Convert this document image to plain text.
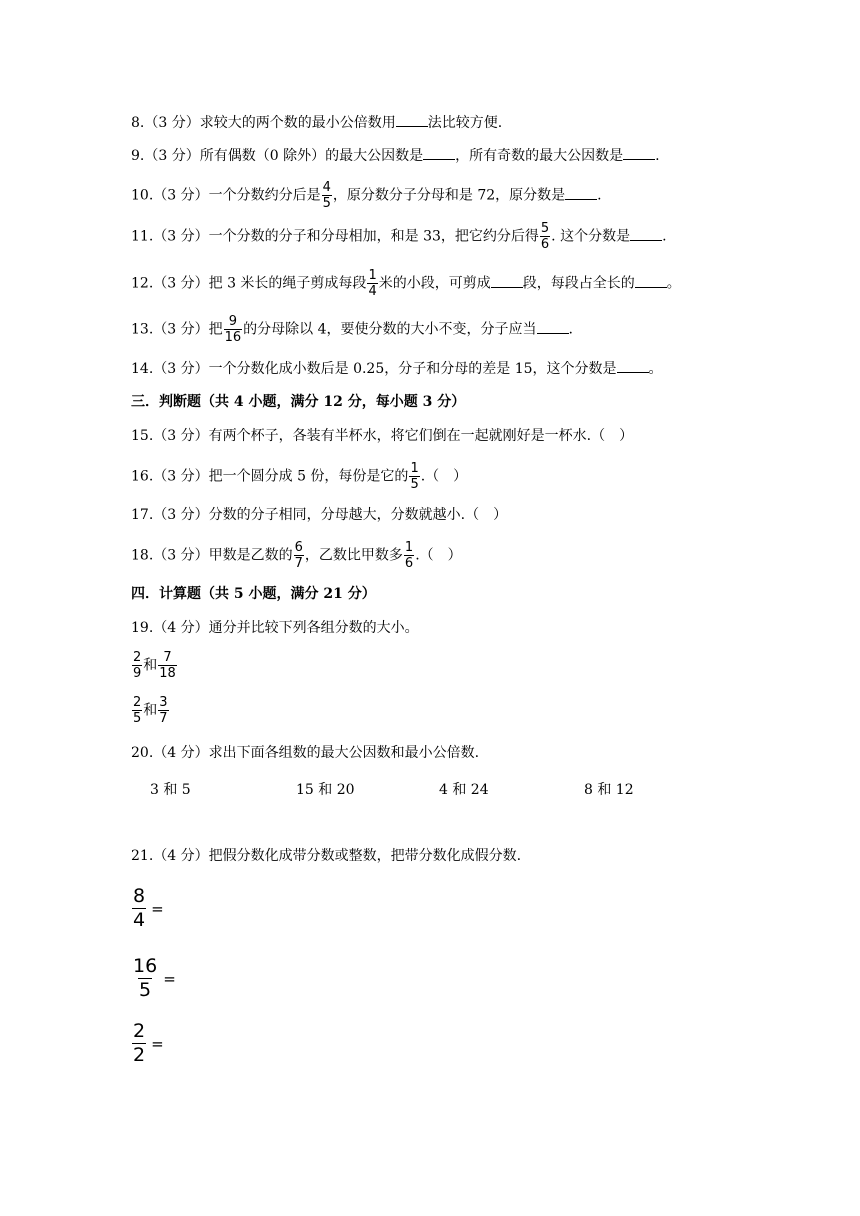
8.（3 分）求较大的两个数的最小公倍数用 法比较方便.
9.（3 分）所有偶数（0 除外）的最大公因数是 ，所有奇数的最大公因数是 .
10.（3 分）一个分数约分后是 $\frac{4}{5}$ ，原分数分子分母和是 72，原分数是 .
11.（3 分）一个分数的分子和分母相加，和是 33，把它约分后得 $\frac{5}{6}$ . 这个分数是 .
12.（3 分）把 3 米长的绳子剪成每段 $\frac{1}{4}$ 米的小段，可剪成 段，每段占全长的 。
13.（3 分）把 $\frac{9}{16}$ 的分母除以 4，要使分数的大小不变，分子应当 .
14.（3 分）一个分数化成小数后是 0.25，分子和分母的差是 15，这个分数是 。
三．判断题（共 4 小题，满分 12 分，每小题 3 分）
15.（3 分）有两个杯子，各装有半杯水，将它们倒在一起就刚好是一杯水.（　）
16.（3 分）把一个圆分成 5 份，每份是它的 $\frac{1}{5}$ .（　）
17.（3 分）分数的分子相同，分母越大，分数就越小.（　）
18.（3 分）甲数是乙数的 $\frac{6}{7}$ ，乙数比甲数多 $\frac{1}{6}$ .（　）
四．计算题（共 5 小题，满分 21 分）
19.（4 分）通分并比较下列各组分数的大小。
$\frac{2}{9}$ 和 $\frac{7}{18}$
$\frac{2}{5}$ 和 $\frac{3}{7}$
20.（4 分）求出下面各组数的最大公因数和最小公倍数.
3 和 5	15 和 20	4 和 24	8 和 12
21.（4 分）把假分数化成带分数或整数，把带分数化成假分数.
$\frac{8}{4}$ =
$\frac{16}{5}$ =
$\frac{2}{2}$ =
